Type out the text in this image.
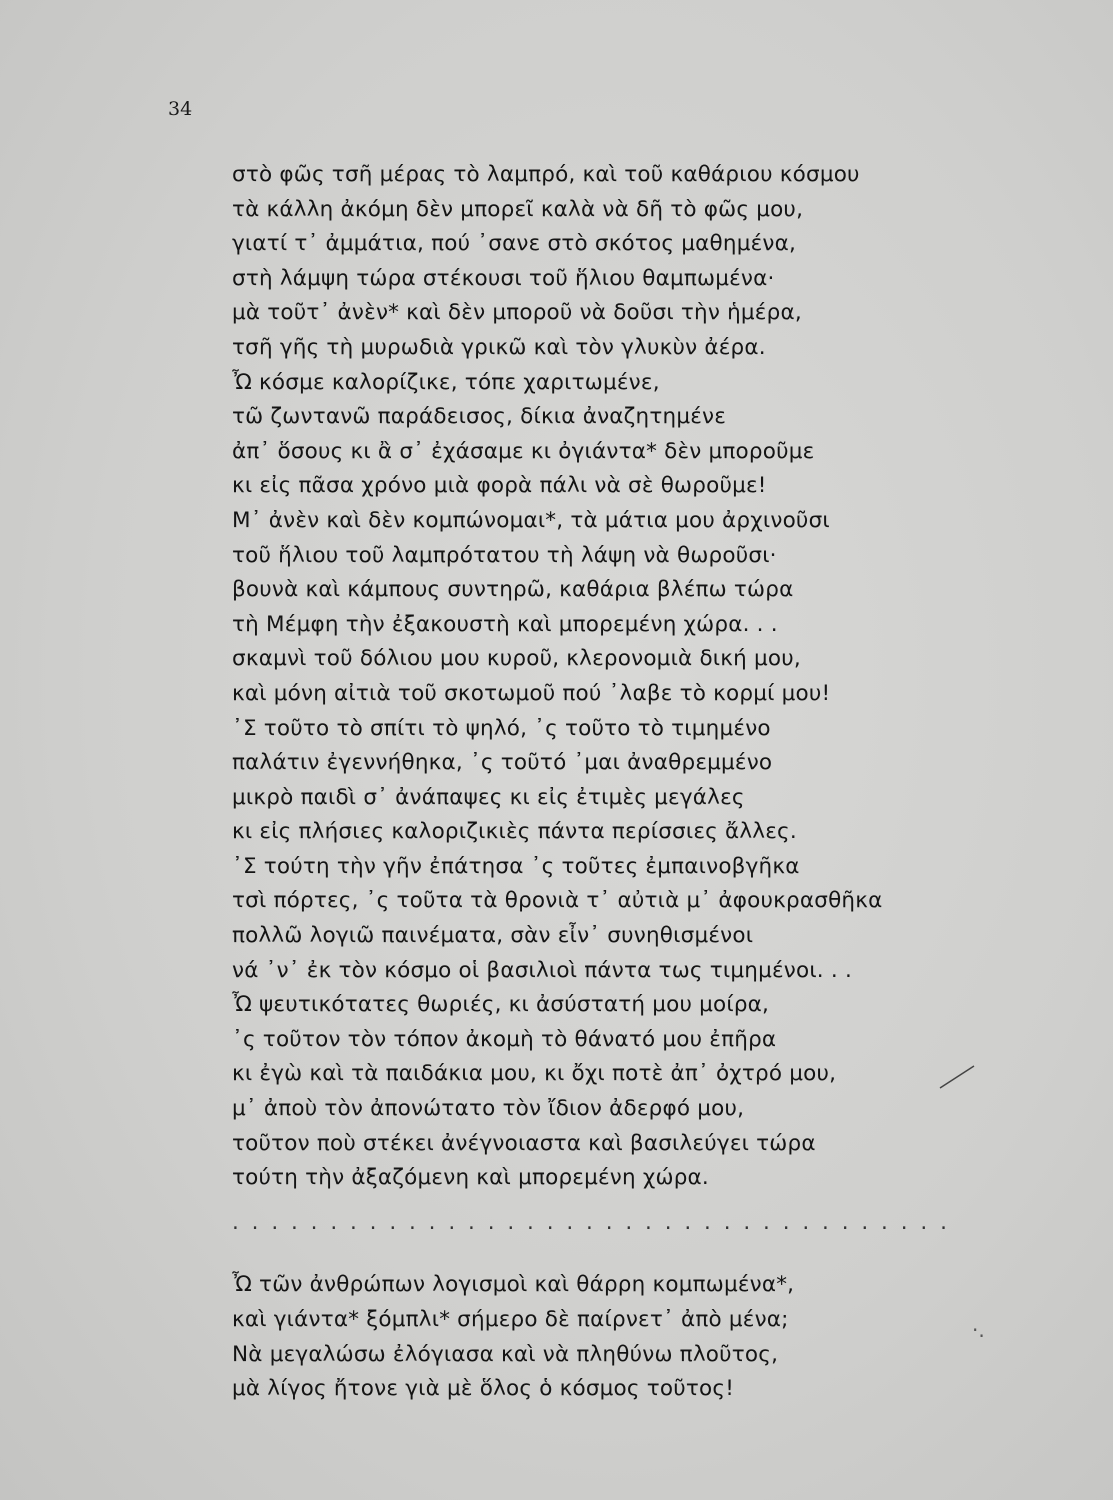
34
στὸ φῶς τσῆ μέρας τὸ λαμπρό, καὶ τοῦ καθάριου κόσμου
τὰ κάλλη ἀκόμη δὲν μπορεῖ καλὰ νὰ δῆ τὸ φῶς μου,
γιατί τ᾽ ἀμμάτια, πού ᾽σανε στὸ σκότος μαθημένα,
στὴ λάμψη τώρα στέκουσι τοῦ ἥλιου θαμπωμένα·
μὰ τοῦτ᾽ ἀνὲν* καὶ δὲν μποροῦ νὰ δοῦσι τὴν ἡμέρα,
τσῆ γῆς τὴ μυρωδιὰ γρικῶ καὶ τὸν γλυκὺν ἀέρα.
Ὦ κόσμε καλορίζικε, τόπε χαριτωμένε,
τῶ ζωντανῶ παράδεισος, δίκια ἀναζητημένε
ἀπ᾽ ὅσους κι ἂ σ᾽ ἐχάσαμε κι ὀγιάντα* δὲν μποροῦμε
κι εἰς πᾶσα χρόνο μιὰ φορὰ πάλι νὰ σὲ θωροῦμε!
Μ᾽ ἀνὲν καὶ δὲν κομπώνομαι*, τὰ μάτια μου ἀρχινοῦσι
τοῦ ἥλιου τοῦ λαμπρότατου τὴ λάψη νὰ θωροῦσι·
βουνὰ καὶ κάμπους συντηρῶ, καθάρια βλέπω τώρα
τὴ Μέμφη τὴν ἐξακουστὴ καὶ μπορεμένη χώρα. . .
σκαμνὶ τοῦ δόλιου μου κυροῦ, κλερονομιὰ δική μου,
καὶ μόνη αἰτιὰ τοῦ σκοτωμοῦ πού ᾽λαβε τὸ κορμί μου!
᾽Σ τοῦτο τὸ σπίτι τὸ ψηλό, ᾽ς τοῦτο τὸ τιμημένο
παλάτιν ἐγεννήθηκα, ᾽ς τοῦτό ᾽μαι ἀναθρεμμένο
μικρὸ παιδὶ σ᾽ ἀνάπαψες κι εἰς ἐτιμὲς μεγάλες
κι εἰς πλήσιες καλοριζικιὲς πάντα περίσσιες ἄλλες.
᾽Σ τούτη τὴν γῆν ἐπάτησα ᾽ς τοῦτες ἐμπαινοβγῆκα
τσὶ πόρτες, ᾽ς τοῦτα τὰ θρονιὰ τ᾽ αὐτιὰ μ᾽ ἀφουκρασθῆκα
πολλῶ λογιῶ παινέματα, σὰν εἶν᾽ συνηθισμένοι
νά ᾽ν᾽ ἐκ τὸν κόσμο οἱ βασιλιοὶ πάντα τως τιμημένοι. . .
Ὦ ψευτικότατες θωριές, κι ἀσύστατή μου μοίρα,
᾽ς τοῦτον τὸν τόπον ἀκομὴ τὸ θάνατό μου ἐπῆρα
κι ἐγὼ καὶ τὰ παιδάκια μου, κι ὄχι ποτὲ ἀπ᾽ ὀχτρό μου,
μ᾽ ἀποὺ τὸν ἀπονώτατο τὸν ἴδιον ἀδερφό μου,
τοῦτον ποὺ στέκει ἀνέγνοιαστα καὶ βασιλεύγει τώρα
τούτη τὴν ἀξαζόμενη καὶ μπορεμένη χώρα.
. . . . . . . . . . . . . . . . . . . . . . . . . . . . . . . . . . . . .
Ὦ τῶν ἀνθρώπων λογισμοὶ καὶ θάρρη κομπωμένα*,
καὶ γιάντα* ξόμπλι* σήμερο δὲ παίρνετ᾽ ἀπὸ μένα;
Νὰ μεγαλώσω ἐλόγιασα καὶ νὰ πληθύνω πλοῦτος,
μὰ λίγος ἤτονε γιὰ μὲ ὅλος ὁ κόσμος τοῦτος!
·.
